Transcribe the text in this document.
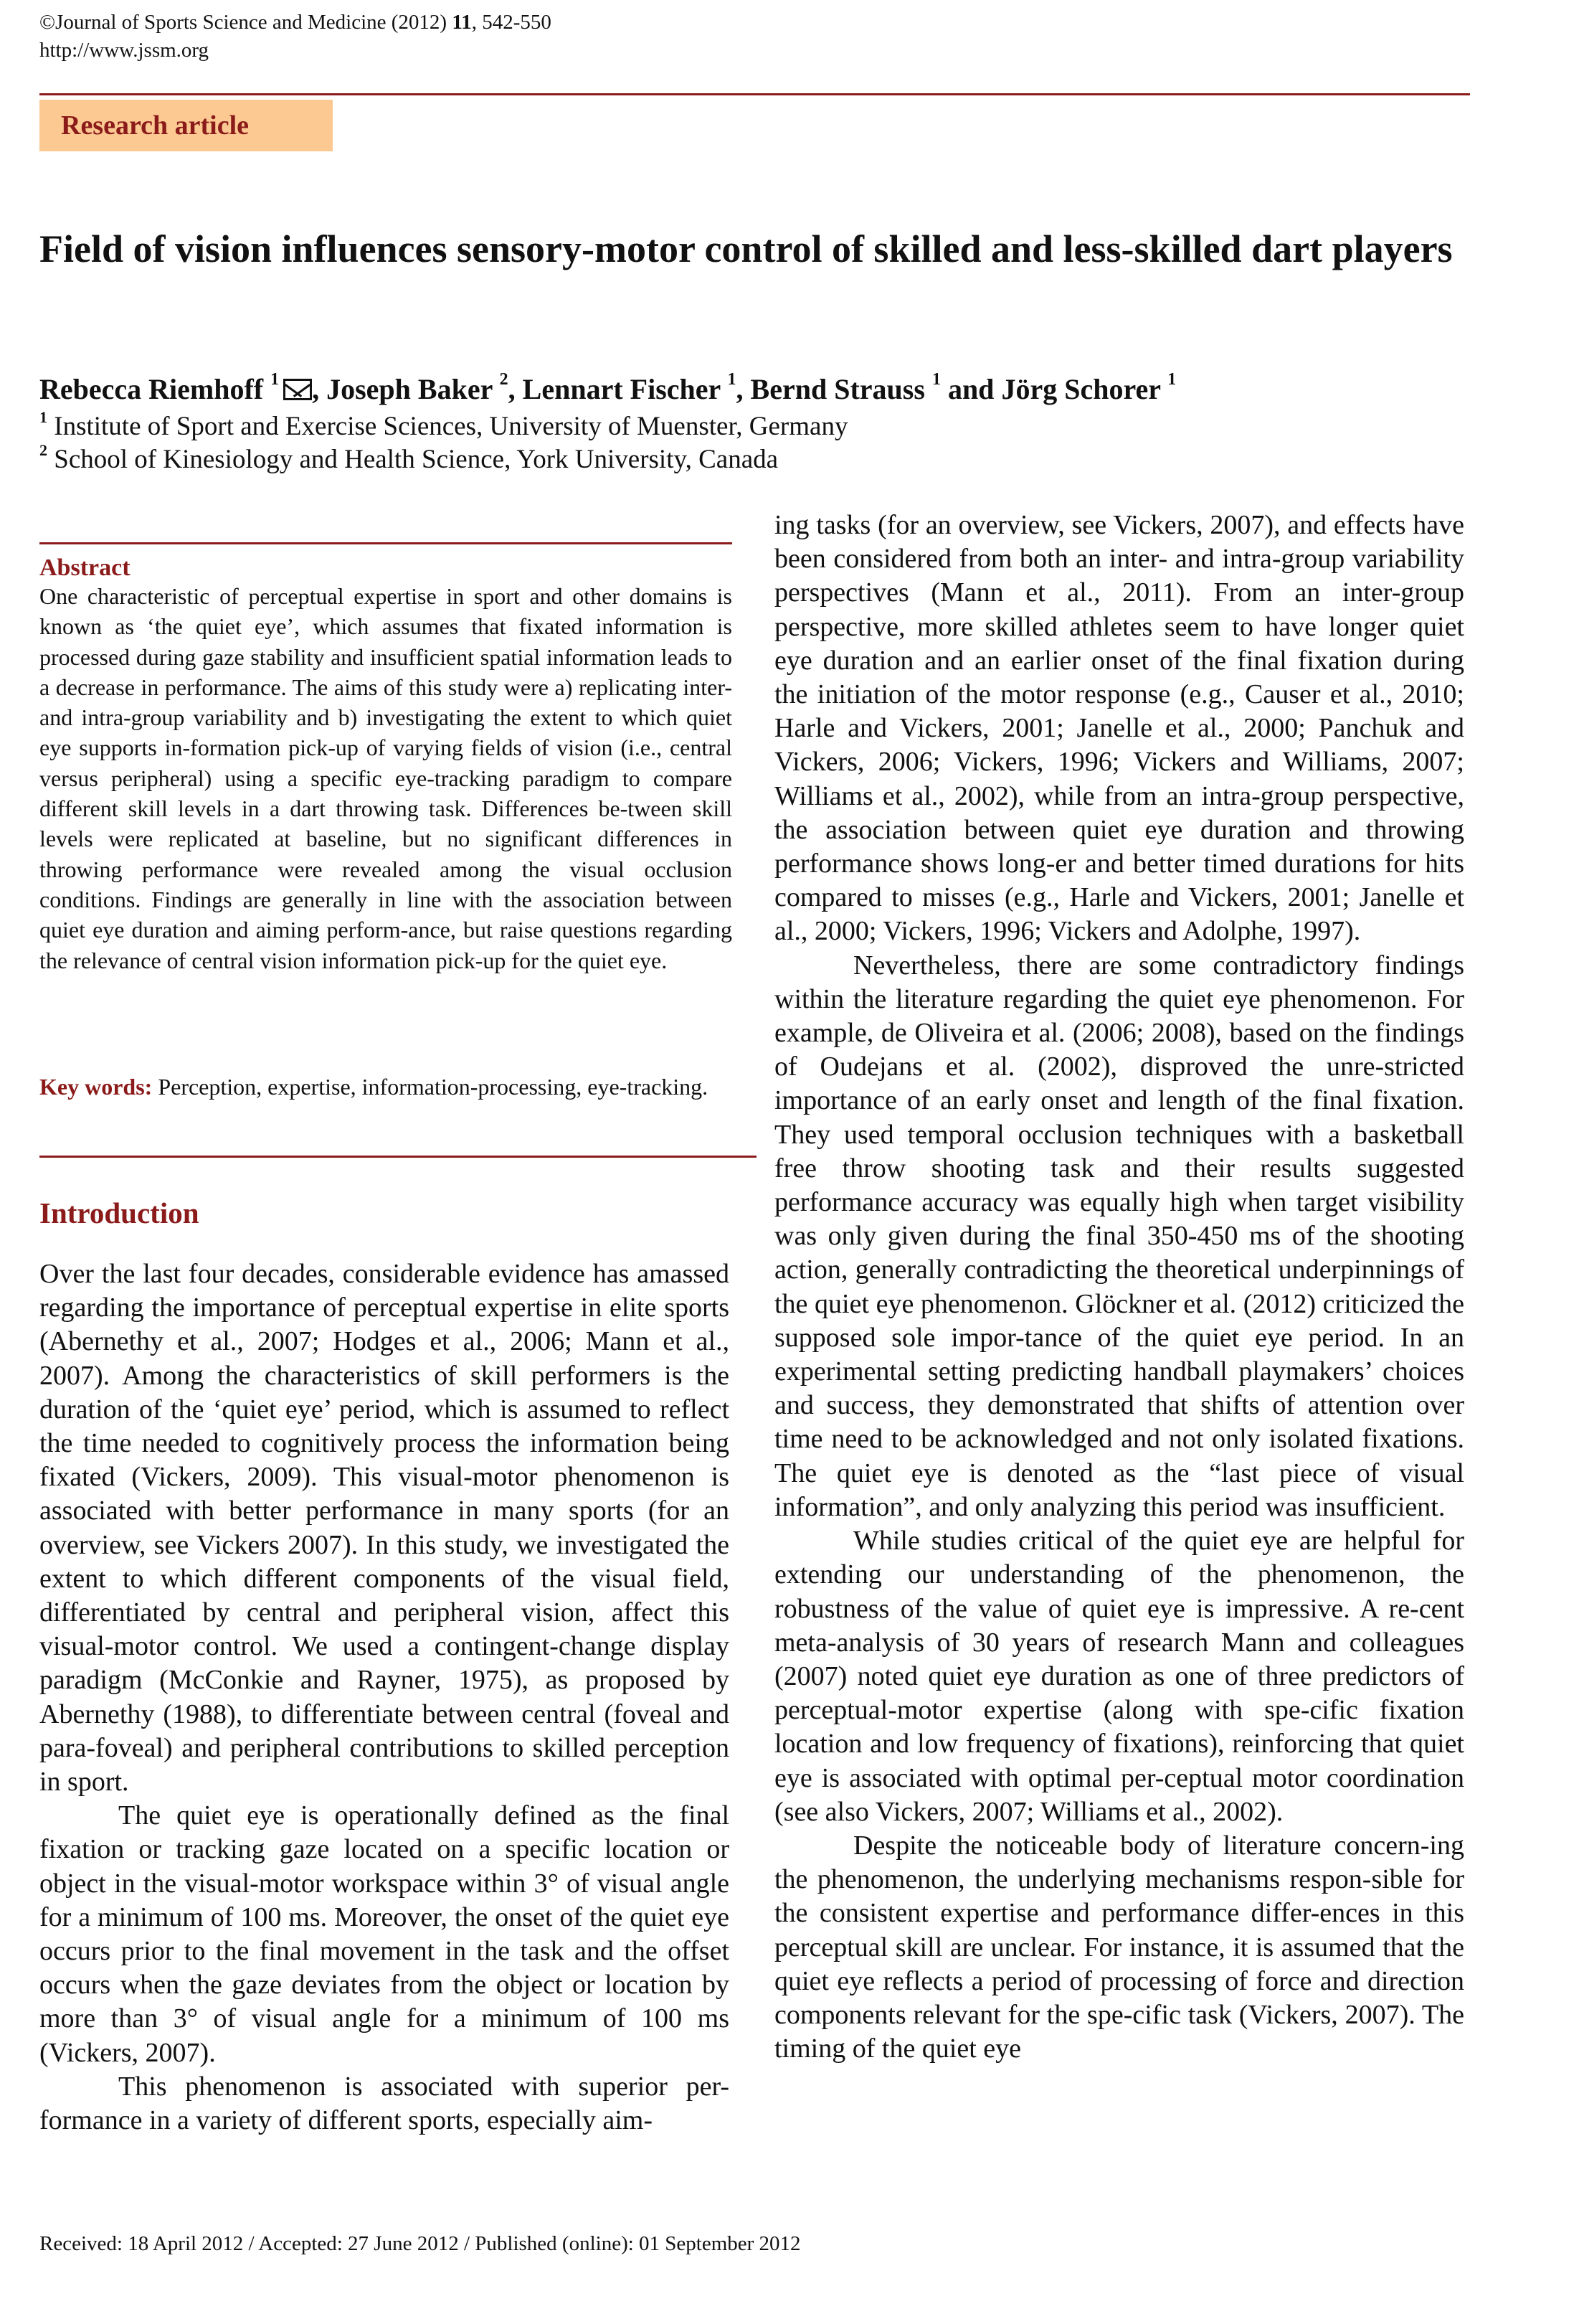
©Journal of Sports Science and Medicine (2012) 11, 542-550
http://www.jssm.org
Research article
Field of vision influences sensory-motor control of skilled and less-skilled dart players
Rebecca Riemhoff $^1$ , Joseph Baker $^2$, Lennart Fischer $^1$, Bernd Strauss $^1$ and Jörg Schorer $^1$
$^1$ Institute of Sport and Exercise Sciences, University of Muenster, Germany
$^2$ School of Kinesiology and Health Science, York University, Canada
Abstract

One characteristic of perceptual expertise in sport and other domains is known as ‘the quiet eye’, which assumes that fixated information is processed during gaze stability and insufficient spatial information leads to a decrease in performance. The aims of this study were a) replicating inter- and intra-group variability and b) investigating the extent to which quiet eye supports in-formation pick-up of varying fields of vision (i.e., central versus peripheral) using a specific eye-tracking paradigm to compare different skill levels in a dart throwing task. Differences be-tween skill levels were replicated at baseline, but no significant differences in throwing performance were revealed among the visual occlusion conditions. Findings are generally in line with the association between quiet eye duration and aiming perform-ance, but raise questions regarding the relevance of central vision information pick-up for the quiet eye.

Key words: Perception, expertise, information-processing, eye-tracking.

Introduction

Over the last four decades, considerable evidence has amassed regarding the importance of perceptual expertise in elite sports (Abernethy et al., 2007; Hodges et al., 2006; Mann et al., 2007). Among the characteristics of skill performers is the duration of the ‘quiet eye’ period, which is assumed to reflect the time needed to cognitively process the information being fixated (Vickers, 2009). This visual-motor phenomenon is associated with better performance in many sports (for an overview, see Vickers 2007). In this study, we investigated the extent to which different components of the visual field, differentiated by central and peripheral vision, affect this visual-motor control. We used a contingent-change display paradigm (McConkie and Rayner, 1975), as proposed by Abernethy (1988), to differentiate between central (foveal and para-foveal) and peripheral contributions to skilled perception in sport.

The quiet eye is operationally defined as the final fixation or tracking gaze located on a specific location or object in the visual-motor workspace within 3° of visual angle for a minimum of 100 ms. Moreover, the onset of the quiet eye occurs prior to the final movement in the task and the offset occurs when the gaze deviates from the object or location by more than 3° of visual angle for a minimum of 100 ms (Vickers, 2007).

This phenomenon is associated with superior per-formance in a variety of different sports, especially aim-

ing tasks (for an overview, see Vickers, 2007), and effects have been considered from both an inter- and intra-group variability perspectives (Mann et al., 2011). From an inter-group perspective, more skilled athletes seem to have longer quiet eye duration and an earlier onset of the final fixation during the initiation of the motor response (e.g., Causer et al., 2010; Harle and Vickers, 2001; Janelle et al., 2000; Panchuk and Vickers, 2006; Vickers, 1996; Vickers and Williams, 2007; Williams et al., 2002), while from an intra-group perspective, the association between quiet eye duration and throwing performance shows long-er and better timed durations for hits compared to misses (e.g., Harle and Vickers, 2001; Janelle et al., 2000; Vickers, 1996; Vickers and Adolphe, 1997).

Nevertheless, there are some contradictory findings within the literature regarding the quiet eye phenomenon. For example, de Oliveira et al. (2006; 2008), based on the findings of Oudejans et al. (2002), disproved the unre-stricted importance of an early onset and length of the final fixation. They used temporal occlusion techniques with a basketball free throw shooting task and their results suggested performance accuracy was equally high when target visibility was only given during the final 350-450 ms of the shooting action, generally contradicting the theoretical underpinnings of the quiet eye phenomenon. Glöckner et al. (2012) criticized the supposed sole impor-tance of the quiet eye period. In an experimental setting predicting handball playmakers’ choices and success, they demonstrated that shifts of attention over time need to be acknowledged and not only isolated fixations. The quiet eye is denoted as the “last piece of visual information”, and only analyzing this period was insufficient.

While studies critical of the quiet eye are helpful for extending our understanding of the phenomenon, the robustness of the value of quiet eye is impressive. A re-cent meta-analysis of 30 years of research Mann and colleagues (2007) noted quiet eye duration as one of three predictors of perceptual-motor expertise (along with spe-cific fixation location and low frequency of fixations), reinforcing that quiet eye is associated with optimal per-ceptual motor coordination (see also Vickers, 2007; Williams et al., 2002).

Despite the noticeable body of literature concern-ing the phenomenon, the underlying mechanisms respon-sible for the consistent expertise and performance differ-ences in this perceptual skill are unclear. For instance, it is assumed that the quiet eye reflects a period of processing of force and direction components relevant for the spe-cific task (Vickers, 2007). The timing of the quiet eye

Received: 18 April 2012 / Accepted: 27 June 2012 / Published (online): 01 September 2012
